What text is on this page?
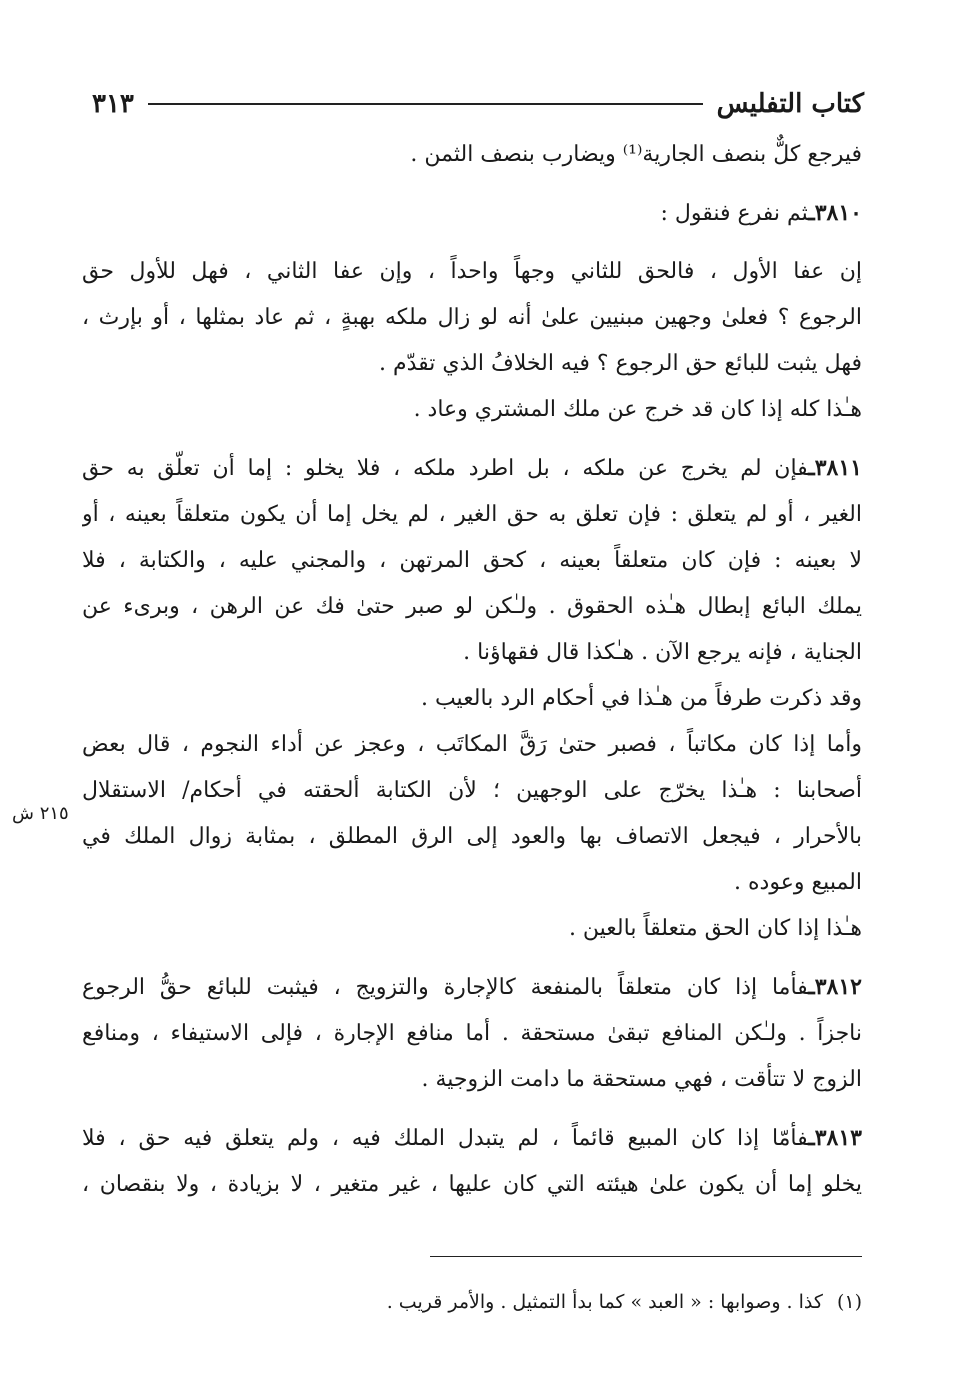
كتاب التفليس
٣١٣
٢١٥ ش
فيرجع كلٌّ بنصف الجارية⁽¹⁾ ويضارب بنصف الثمن .
٣٨١٠ـثم نفرع فنقول :
إن عفا الأول ، فالحق للثاني وجهاً واحداً ، وإن عفا الثاني ، فهل للأول حق
الرجوع ؟ فعلىٰ وجهين مبنيين علىٰ أنه لو زال ملكه بهبةٍ ، ثم عاد بمثلها ، أو بإرث ،
فهل يثبت للبائع حق الرجوع ؟ فيه الخلافُ الذي تقدّم .
هـٰذا كله إذا كان قد خرج عن ملك المشتري وعاد .
٣٨١١ـفإن لم يخرج عن ملكه ، بل اطرد ملكه ، فلا يخلو : إما أن تعلّق به حق
الغير ، أو لم يتعلق : فإن تعلق به حق الغير ، لم يخل إما أن يكون متعلقاً بعينه ، أو
لا بعينه : فإن كان متعلقاً بعينه ، كحق المرتهن ، والمجني عليه ، والكتابة ، فلا
يملك البائع إبطال هـٰذه الحقوق . ولـٰكن لو صبر حتىٰ فك عن الرهن ، وبرىء عن
الجناية ، فإنه يرجع الآن . هـٰكذا قال فقهاؤنا .
وقد ذكرت طرفاً من هـٰذا في أحكام الرد بالعيب .
وأما إذا كان مكاتباً ، فصبر حتىٰ رَقَّ المكاتَب ، وعجز عن أداء النجوم ، قال بعض
أصحابنا : هـٰذا يخرّج على الوجهين ؛ لأن الكتابة ألحقته في أحكام/ الاستقلال
بالأحرار ، فيجعل الاتصاف بها والعود إلى الرق المطلق ، بمثابة زوال الملك في
المبيع وعوده .
هـٰذا إذا كان الحق متعلقاً بالعين .
٣٨١٢ـفأما إذا كان متعلقاً بالمنفعة كالإجارة والتزويج ، فيثبت للبائع حقُّ الرجوع
ناجزاً . ولـٰكن المنافع تبقىٰ مستحقة . أما منافع الإجارة ، فإلى الاستيفاء ، ومنافع
الزوج لا تتأقت ، فهي مستحقة ما دامت الزوجية .
٣٨١٣ـفأمّا إذا كان المبيع قائماً ، لم يتبدل الملك فيه ، ولم يتعلق فيه حق ، فلا
يخلو إما أن يكون علىٰ هيئته التي كان عليها ، غير متغير ، لا بزيادة ، ولا بنقصان ،
(١)كذا . وصوابها : « العبد » كما بدأ التمثيل . والأمر قريب .
